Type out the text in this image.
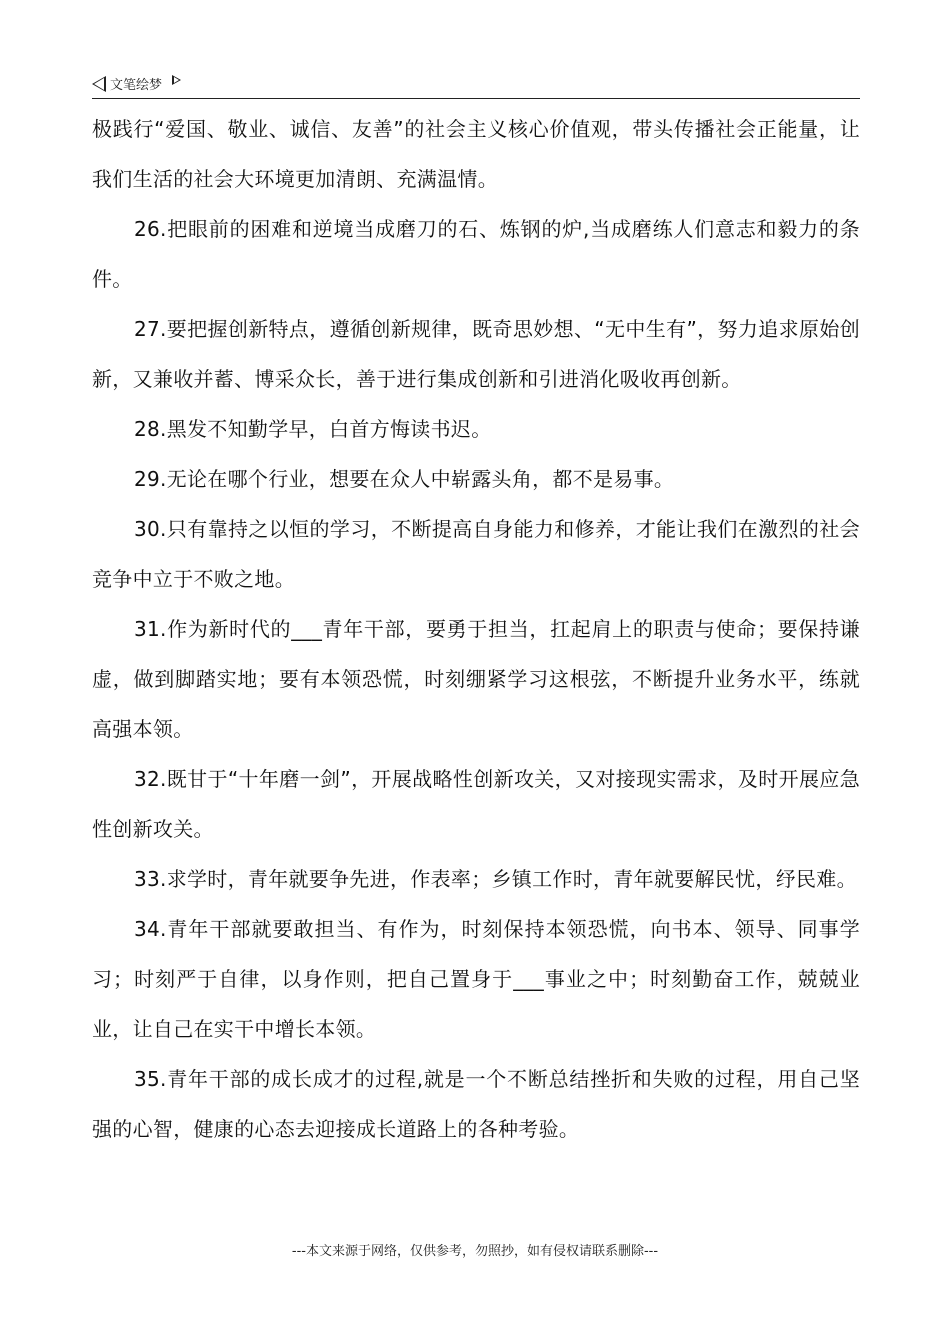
文笔绘梦

极践行“爱国、敬业、诚信、友善”的社会主义核心价值观，带头传播社会正能量，让我们生活的社会大环境更加清朗、充满温情。

26.把眼前的困难和逆境当成磨刀的石、炼钢的炉,当成磨练人们意志和毅力的条件。

27.要把握创新特点，遵循创新规律，既奇思妙想、“无中生有”，努力追求原始创新，又兼收并蓄、博采众长，善于进行集成创新和引进消化吸收再创新。

28.黑发不知勤学早，白首方悔读书迟。

29.无论在哪个行业，想要在众人中崭露头角，都不是易事。

30.只有靠持之以恒的学习，不断提高自身能力和修养，才能让我们在激烈的社会竞争中立于不败之地。

31.作为新时代的___青年干部，要勇于担当，扛起肩上的职责与使命；要保持谦虚，做到脚踏实地；要有本领恐慌，时刻绷紧学习这根弦，不断提升业务水平，练就高强本领。

32.既甘于“十年磨一剑”，开展战略性创新攻关，又对接现实需求，及时开展应急性创新攻关。

33.求学时，青年就要争先进，作表率；乡镇工作时，青年就要解民忧，纾民难。

34.青年干部就要敢担当、有作为，时刻保持本领恐慌，向书本、领导、同事学习；时刻严于自律，以身作则，把自己置身于___事业之中；时刻勤奋工作，兢兢业业，让自己在实干中增长本领。

35.青年干部的成长成才的过程,就是一个不断总结挫折和失败的过程，用自己坚强的心智，健康的心态去迎接成长道路上的各种考验。

---本文来源于网络，仅供参考，勿照抄，如有侵权请联系删除---
